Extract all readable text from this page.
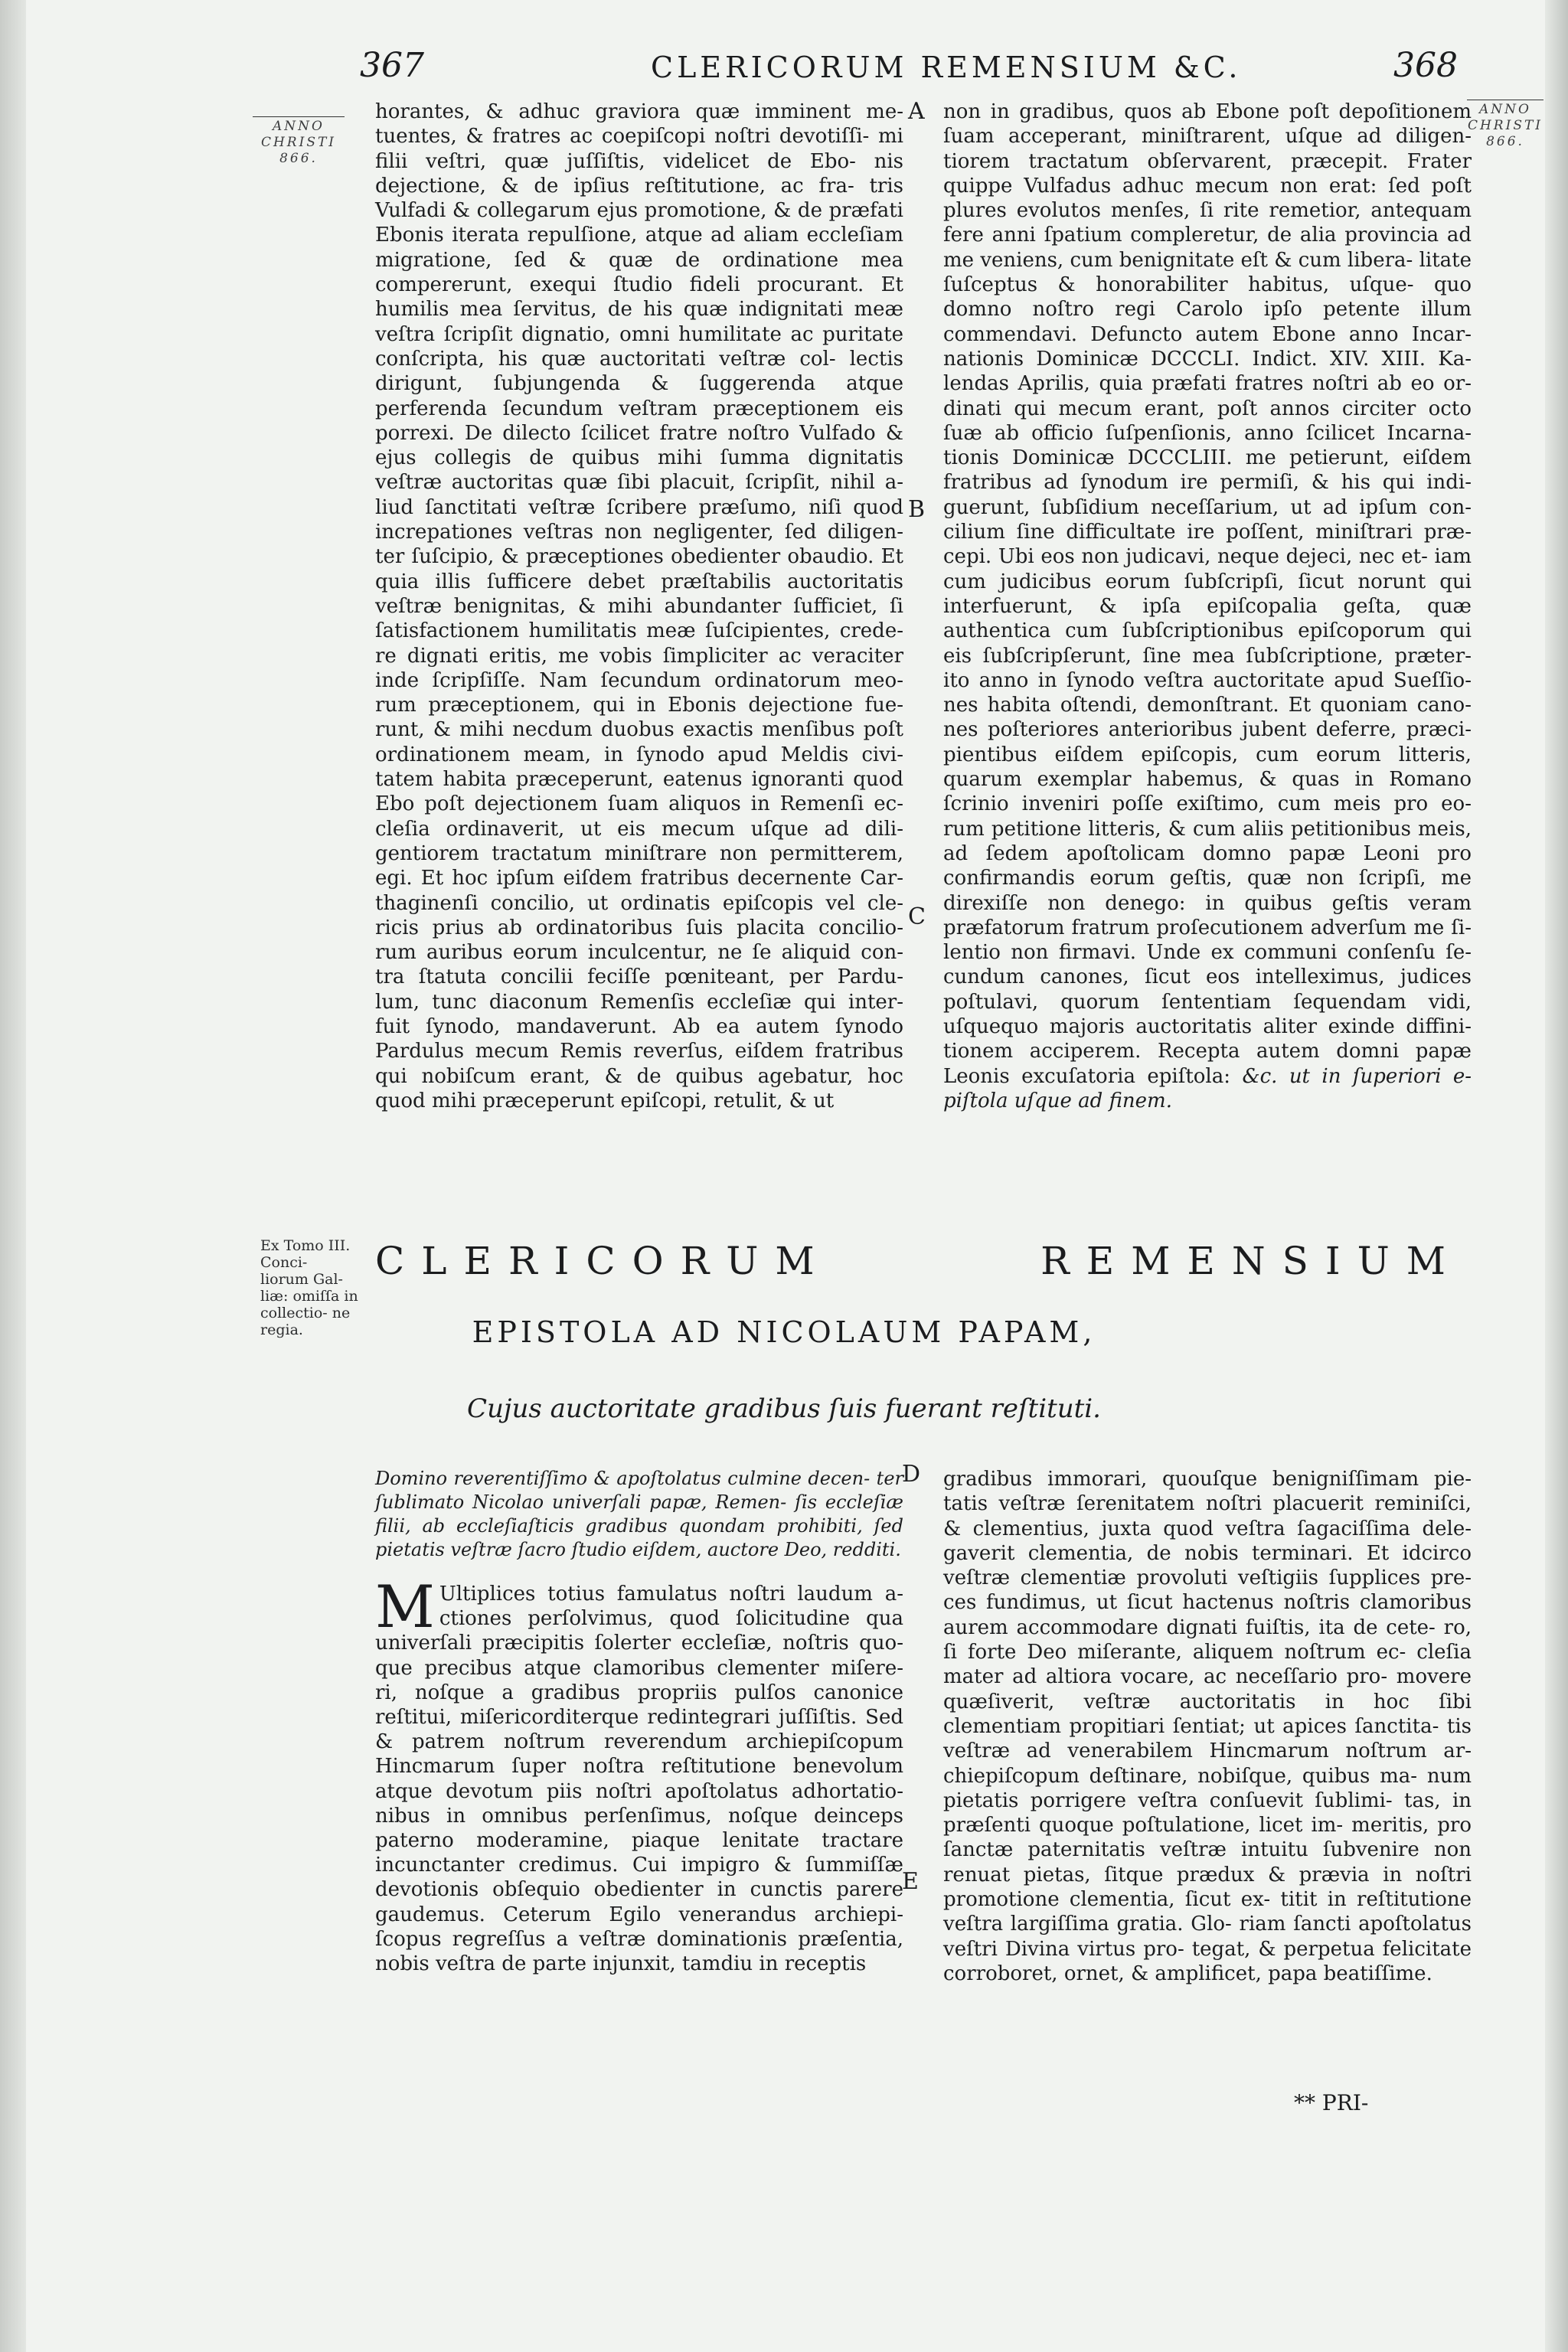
367	CLERICORUM REMENSIUM &C.	368
ANNO
CHRISTI
866.
ANNO
CHRISTI
866.

horantes, & adhuc graviora quæ imminent me- tuentes, & fratres ac coepiſcopi noſtri devotiſſi- mi filii veſtri, quæ juſſiſtis, videlicet de Ebo- nis dejectione, & de ipſius reſtitutione, ac fra- tris Vulfadi & collegarum ejus promotione, & de præfati Ebonis iterata repulſione, atque ad aliam eccleſiam migratione, ſed & quæ de ordinatione mea compererunt, exequi ſtudio fideli procurant. Et humilis mea ſervitus, de his quæ indignitati meæ veſtra ſcripſit dignatio, omni humilitate ac puritate conſcripta, his quæ auctoritati veſtræ col- lectis dirigunt, ſubjungenda & ſuggerenda atque perferenda ſecundum veſtram præceptionem eis porrexi. De dilecto ſcilicet fratre noſtro Vulfado & ejus collegis de quibus mihi ſumma dignitatis veſtræ auctoritas quæ ſibi placuit, ſcripſit, nihil a- liud ſanctitati veſtræ ſcribere præſumo, niſi quod increpationes veſtras non negligenter, ſed diligen- ter ſuſcipio, & præceptiones obedienter obaudio. Et quia illis ſufficere debet præſtabilis auctoritatis veſtræ benignitas, & mihi abundanter ſufficiet, ſi ſatisfactionem humilitatis meæ ſuſcipientes, crede- re dignati eritis, me vobis ſimpliciter ac veraciter inde ſcripſiſſe. Nam ſecundum ordinatorum meo- rum præceptionem, qui in Ebonis dejectione fue- runt, & mihi necdum duobus exactis menſibus poſt ordinationem meam, in ſynodo apud Meldis civi- tatem habita præceperunt, eatenus ignoranti quod Ebo poſt dejectionem ſuam aliquos in Remenſi ec- cleſia ordinaverit, ut eis mecum uſque ad dili- gentiorem tractatum miniſtrare non permitterem, egi. Et hoc ipſum eiſdem fratribus decernente Car- thaginenſi concilio, ut ordinatis epiſcopis vel cle- ricis prius ab ordinatoribus ſuis placita concilio- rum auribus eorum inculcentur, ne ſe aliquid con- tra ſtatuta concilii feciſſe pœniteant, per Pardu- lum, tunc diaconum Remenſis eccleſiæ qui inter- fuit ſynodo, mandaverunt. Ab ea autem ſynodo Pardulus mecum Remis reverſus, eiſdem fratribus qui nobiſcum erant, & de quibus agebatur, hoc quod mihi præceperunt epiſcopi, retulit, & ut

non in gradibus, quos ab Ebone poſt depoſitionem ſuam acceperant, miniſtrarent, uſque ad diligen- tiorem tractatum obſervarent, præcepit. Frater quippe Vulfadus adhuc mecum non erat: ſed poſt plures evolutos menſes, ſi rite remetior, antequam fere anni ſpatium compleretur, de alia provincia ad me veniens, cum benignitate eſt & cum libera- litate ſuſceptus & honorabiliter habitus, uſque- quo domno noſtro regi Carolo ipſo petente illum commendavi. Defuncto autem Ebone anno Incar- nationis Dominicæ DCCCLI. Indict. XIV. XIII. Ka- lendas Aprilis, quia præfati fratres noſtri ab eo or- dinati qui mecum erant, poſt annos circiter octo ſuæ ab officio ſuſpenſionis, anno ſcilicet Incarna- tionis Dominicæ DCCCLIII. me petierunt, eiſdem fratribus ad ſynodum ire permiſi, & his qui indi- guerunt, ſubſidium neceſſarium, ut ad ipſum con- cilium ſine difficultate ire poſſent, miniſtrari præ- cepi. Ubi eos non judicavi, neque dejeci, nec et- iam cum judicibus eorum ſubſcripſi, ſicut norunt qui interfuerunt, & ipſa epiſcopalia geſta, quæ authentica cum ſubſcriptionibus epiſcoporum qui eis ſubſcripſerunt, ſine mea ſubſcriptione, præter- ito anno in ſynodo veſtra auctoritate apud Sueſſio- nes habita oſtendi, demonſtrant. Et quoniam cano- nes poſteriores anterioribus jubent deferre, præci- pientibus eiſdem epiſcopis, cum eorum litteris, quarum exemplar habemus, & quas in Romano ſcrinio inveniri poſſe exiſtimo, cum meis pro eo- rum petitione litteris, & cum aliis petitionibus meis, ad ſedem apoſtolicam domno papæ Leoni pro confirmandis eorum geſtis, quæ non ſcripſi, me direxiſſe non denego: in quibus geſtis veram præfatorum fratrum proſecutionem adverſum me ſi- lentio non firmavi. Unde ex communi conſenſu ſe- cundum canones, ſicut eos intelleximus, judices poſtulavi, quorum ſententiam ſequendam vidi, uſquequo majoris auctoritatis aliter exinde diffini- tionem acciperem. Recepta autem domni papæ Leonis excuſatoria epiſtola: &c. ut in ſuperiori e- piſtola uſque ad finem.

A
B
C
D
E
Ex Tomo III. Conci- liorum Gal- liæ: omiſſa in collectio- ne regia.
CLERICORUM	REMENSIUM
EPISTOLA AD NICOLAUM PAPAM,
Cujus auctoritate gradibus ſuis fuerant reſtituti.

Domino reverentiſſimo & apoſtolatus culmine decen- ter ſublimato Nicolao univerſali papæ, Remen- ſis eccleſiæ filii, ab eccleſiaſticis gradibus quondam prohibiti, ſed pietatis veſtræ ſacro ſtudio eiſdem, auctore Deo, redditi.

M Ultiplices totius famulatus noſtri laudum a- ctiones perſolvimus, quod ſolicitudine qua univerſali præcipitis ſolerter eccleſiæ, noſtris quo- que precibus atque clamoribus clementer miſere- ri, noſque a gradibus propriis pulſos canonice reſtitui, miſericorditerque redintegrari juſſiſtis. Sed & patrem noſtrum reverendum archiepiſcopum Hincmarum ſuper noſtra reſtitutione benevolum atque devotum piis noſtri apoſtolatus adhortatio- nibus in omnibus perſenſimus, noſque deinceps paterno moderamine, piaque lenitate tractare incunctanter credimus. Cui impigro & ſummiſſæ devotionis obſequio obedienter in cunctis parere gaudemus. Ceterum Egilo venerandus archiepi- ſcopus regreſſus a veſtræ dominationis præſentia, nobis veſtra de parte injunxit, tamdiu in receptis

gradibus immorari, quouſque benigniſſimam pie- tatis veſtræ ſerenitatem noſtri placuerit reminiſci, & clementius, juxta quod veſtra ſagaciſſima dele- gaverit clementia, de nobis terminari. Et idcirco veſtræ clementiæ provoluti veſtigiis ſupplices pre- ces fundimus, ut ſicut hactenus noſtris clamoribus aurem accommodare dignati fuiſtis, ita de cete- ro, ſi forte Deo miſerante, aliquem noſtrum ec- cleſia mater ad altiora vocare, ac neceſſario pro- movere quæſiverit, veſtræ auctoritatis in hoc ſibi clementiam propitiari ſentiat; ut apices ſanctita- tis veſtræ ad venerabilem Hincmarum noſtrum ar- chiepiſcopum deſtinare, nobiſque, quibus ma- num pietatis porrigere veſtra conſuevit ſublimi- tas, in præſenti quoque poſtulatione, licet im- meritis, pro ſanctæ paternitatis veſtræ intuitu ſubvenire non renuat pietas, ſitque prædux & prævia in noſtri promotione clementia, ſicut ex- titit in reſtitutione veſtra largiſſima gratia. Glo- riam ſancti apoſtolatus veſtri Divina virtus pro- tegat, & perpetua felicitate corroboret, ornet, & amplificet, papa beatiſſime.

** PRI-
